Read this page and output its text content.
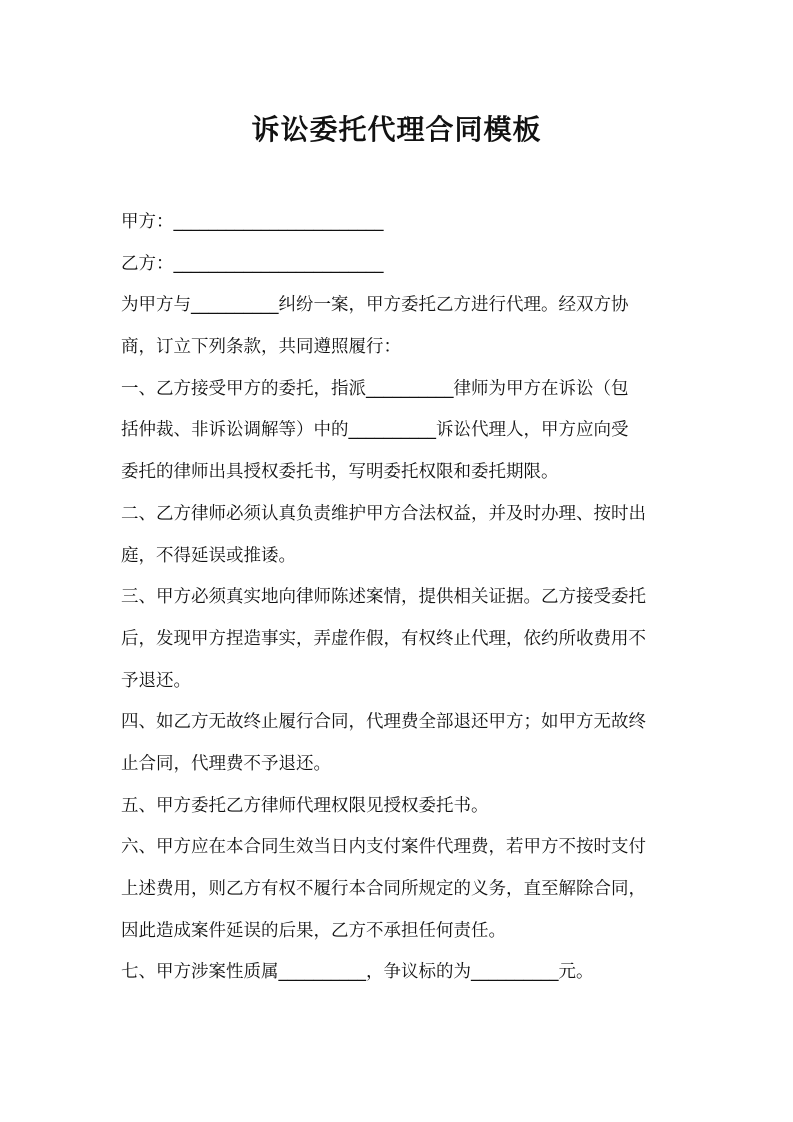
诉讼委托代理合同模板
甲方：________________________
乙方：________________________
为甲方与__________纠纷一案，甲方委托乙方进行代理。经双方协
商，订立下列条款，共同遵照履行：
一、乙方接受甲方的委托，指派__________律师为甲方在诉讼（包
括仲裁、非诉讼调解等）中的__________诉讼代理人，甲方应向受
委托的律师出具授权委托书，写明委托权限和委托期限。
二、乙方律师必须认真负责维护甲方合法权益，并及时办理、按时出
庭，不得延误或推诿。
三、甲方必须真实地向律师陈述案情，提供相关证据。乙方接受委托
后，发现甲方捏造事实，弄虚作假，有权终止代理，依约所收费用不
予退还。
四、如乙方无故终止履行合同，代理费全部退还甲方；如甲方无故终
止合同，代理费不予退还。
五、甲方委托乙方律师代理权限见授权委托书。
六、甲方应在本合同生效当日内支付案件代理费，若甲方不按时支付
上述费用，则乙方有权不履行本合同所规定的义务，直至解除合同，
因此造成案件延误的后果，乙方不承担任何责任。
七、甲方涉案性质属__________，争议标的为__________元。
